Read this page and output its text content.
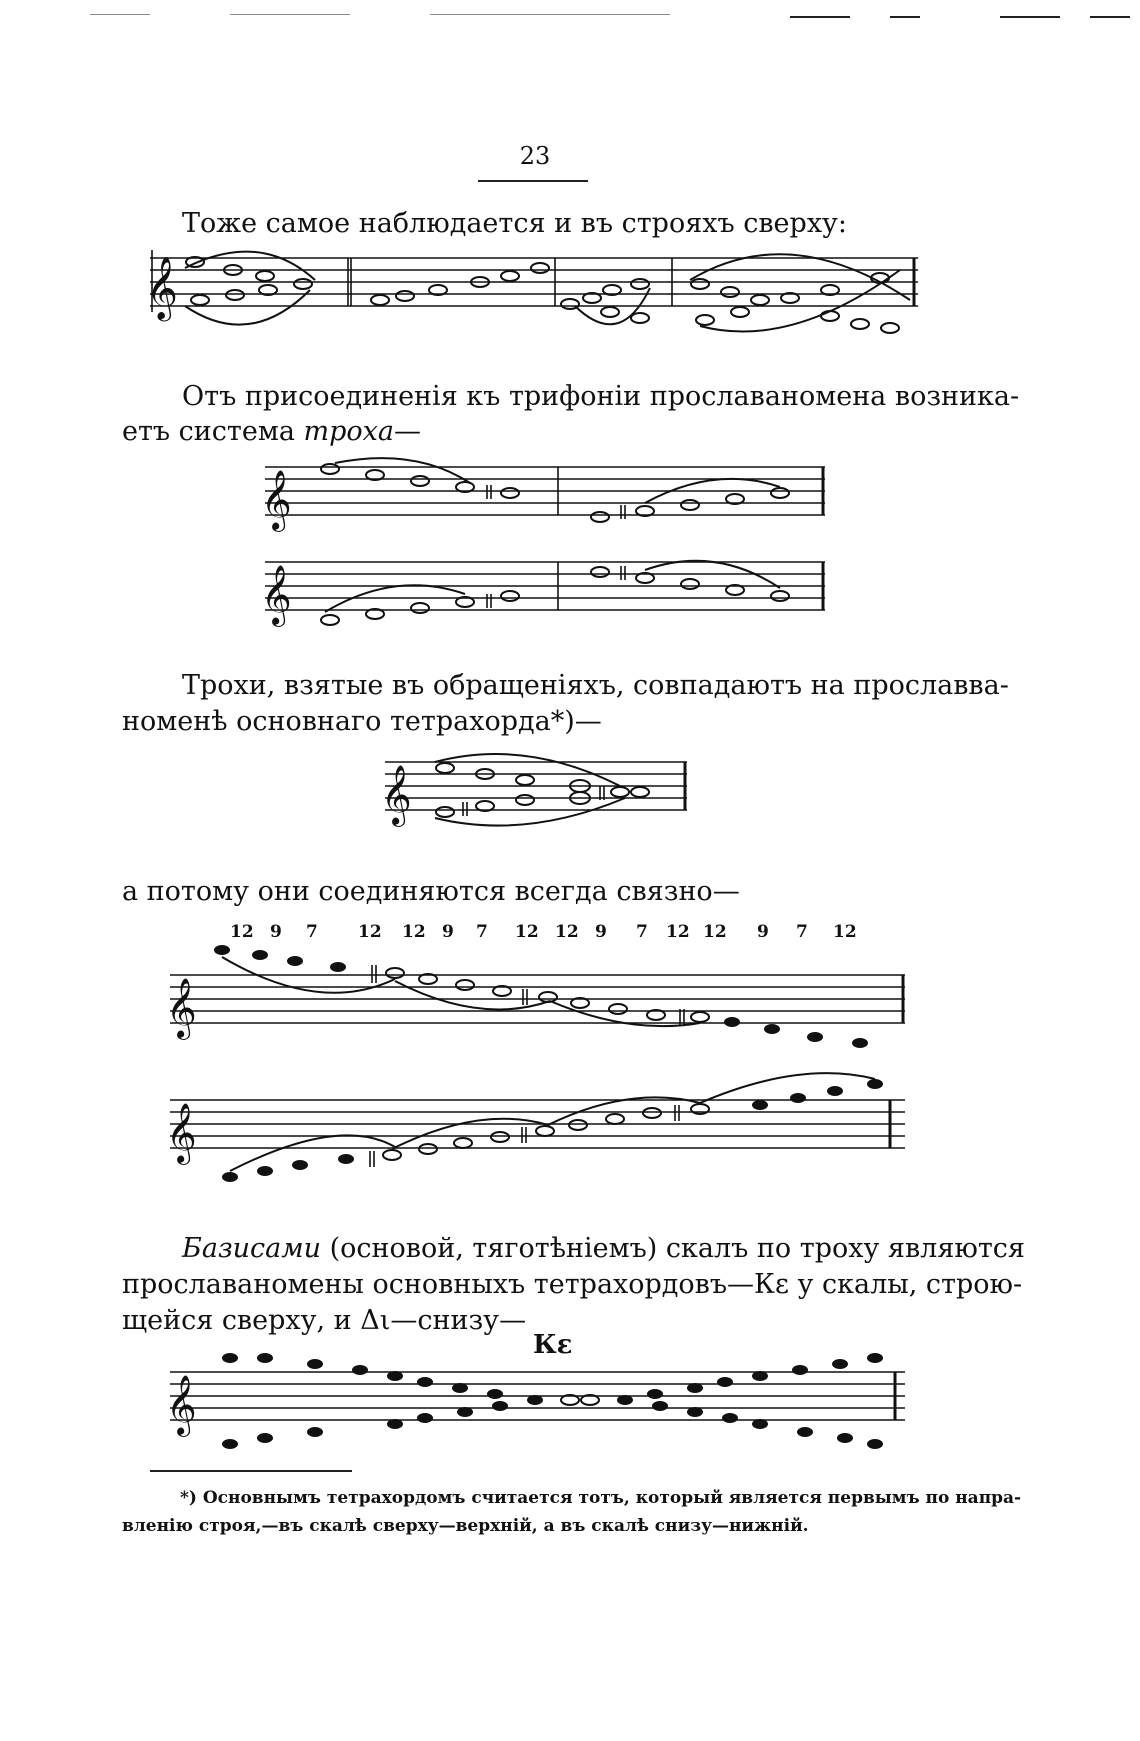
23
Тоже самое наблюдается и въ строяхъ сверху:
𝄞
Отъ присоединенія къ трифоніи прославаномена возника-
етъ система троха—
𝄞
𝄞
Трохи, взятые въ обращеніяхъ, совпадаютъ на прославва-
номенѣ основнаго тетрахорда*)—
𝄞
а потому они соединяются всегда связно—
12 9 7 12 12 9 7 12 12 9 7 12 12 9 7 12
𝄞
𝄞
Базисами (основой, тяготѣніемъ) скалъ по троху являются
прославаномены основныхъ тетрахордовъ—Кε у скалы, строю-
щейся сверху, и Δι—снизу—
Кε
𝄞
*) Основнымъ тетрахордомъ считается тотъ, который является первымъ по напра-
вленію строя,—въ скалѣ сверху—верхній, а въ скалѣ снизу—нижній.
